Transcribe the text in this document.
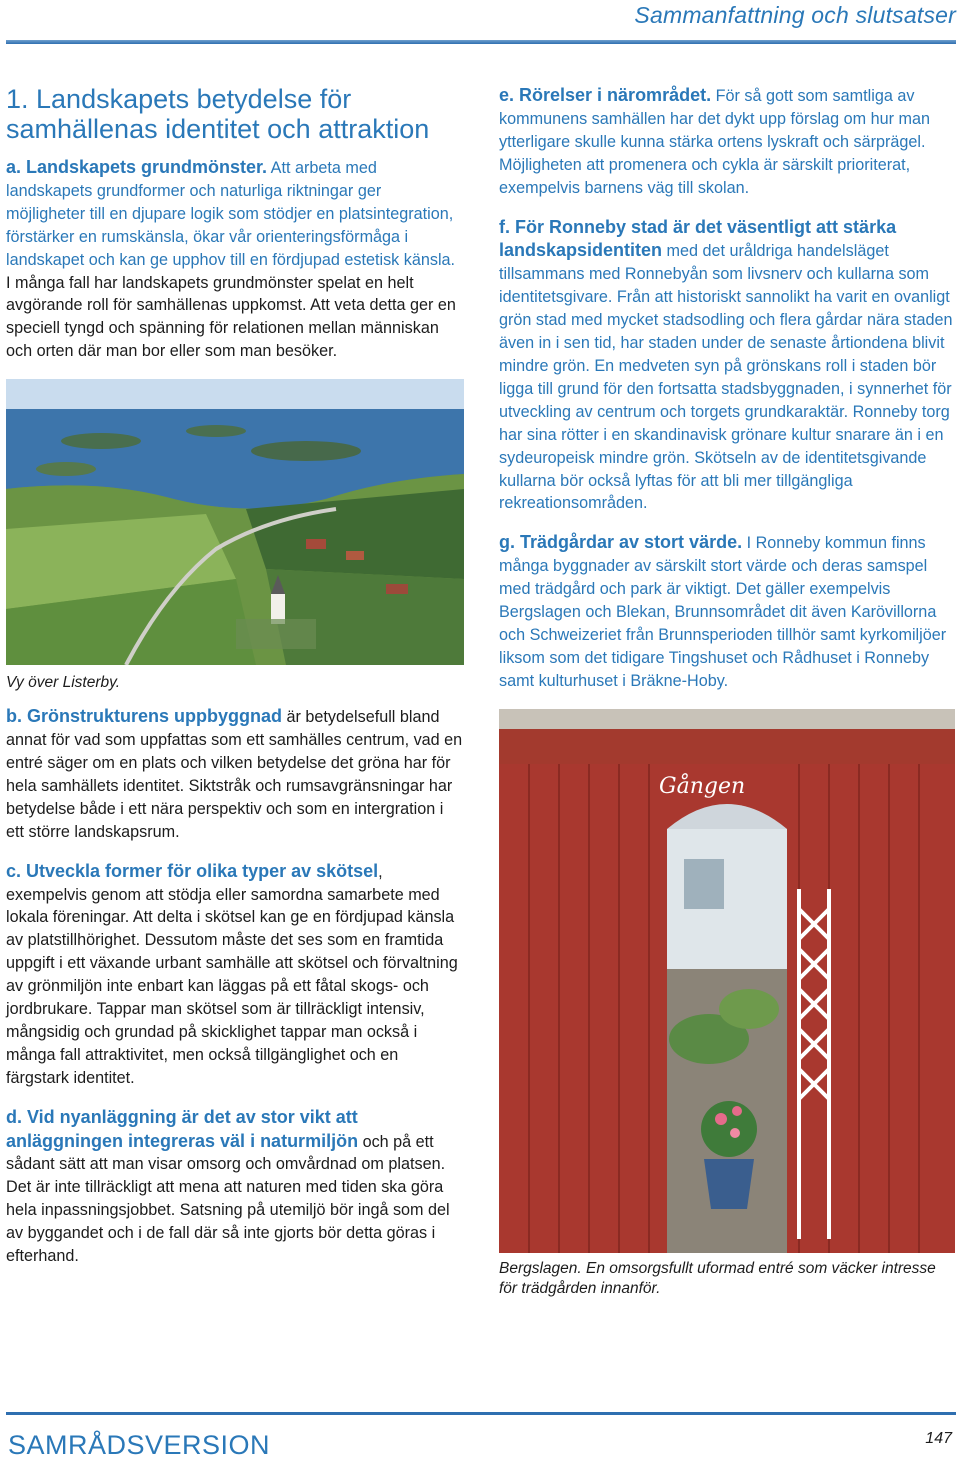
Sammanfattning och slutsatser
1. Landskapets betydelse för samhällenas identitet och attraktion

a. Landskapets grundmönster. Att arbeta med landskapets grundformer och naturliga riktningar ger möjligheter till en djupare logik som stödjer en platsintegration, förstärker en rumskänsla, ökar vår orienteringsförmåga i landskapet och kan ge upphov till en fördjupad estetisk känsla. I många fall har landskapets grundmönster spelat en helt avgörande roll för samhällenas uppkomst. Att veta detta ger en speciell tyngd och spänning för relationen mellan människan och orten där man bor eller som man besöker.

Vy över Listerby.

b. Grönstrukturens uppbyggnad är betydelsefull bland annat för vad som uppfattas som ett samhälles centrum, vad en entré säger om en plats och vilken betydelse det gröna har för hela samhällets identitet. Siktstråk och rumsavgränsningar har betydelse både i ett nära perspektiv och som en intergration i ett större landskapsrum.

c. Utveckla former för olika typer av skötsel, exempelvis genom att stödja eller samordna samarbete med lokala föreningar. Att delta i skötsel kan ge en fördjupad känsla av platstillhörighet. Dessutom måste det ses som en framtida uppgift i ett växande urbant samhälle att skötsel och förvaltning av grönmiljön inte enbart kan läggas på ett fåtal skogs- och jordbrukare. Tappar man skötsel som är tillräckligt intensiv, mångsidig och grundad på skicklighet tappar man också i många fall attraktivitet, men också tillgänglighet och en färgstark identitet.

d. Vid nyanläggning är det av stor vikt att anläggningen integreras väl i naturmiljön och på ett sådant sätt att man visar omsorg och omvårdnad om platsen. Det är inte tillräckligt att mena att naturen med tiden ska göra hela inpassningsjobbet. Satsning på utemiljö bör ingå som del av byggandet och i de fall där så inte gjorts bör detta göras i efterhand.

e. Rörelser i närområdet. För så gott som samtliga av kommunens samhällen har det dykt upp förslag om hur man ytterligare skulle kunna stärka ortens lyskraft och särprägel. Möjligheten att promenera och cykla är särskilt prioriterat, exempelvis barnens väg till skolan.

f. För Ronneby stad är det väsentligt att stärka landskapsidentiten med det uråldriga handelsläget tillsammans med Ronnebyån som livsnerv och kullarna som identitetsgivare. Från att historiskt sannolikt ha varit en ovanligt grön stad med mycket stadsodling och flera gårdar nära staden även in i sen tid, har staden under de senaste årtiondena blivit mindre grön. En medveten syn på grönskans roll i staden bör ligga till grund för den fortsatta stadsbyggnaden, i synnerhet för utveckling av centrum och torgets grundkaraktär. Ronneby torg har sina rötter i en skandinavisk grönare kultur snarare än i en sydeuropeisk mindre grön. Skötseln av de identitetsgivande kullarna bör också lyftas för att bli mer tillgängliga rekreationsområden.

g. Trädgårdar av stort värde. I Ronneby kommun finns många byggnader av särskilt stort värde och deras samspel med trädgård och park är viktigt. Det gäller exempelvis Bergslagen och Blekan, Brunnsområdet dit även Karövillorna och Schweizeriet från Brunnsperioden tillhör samt kyrkomiljöer liksom som det tidigare Tingshuset och Rådhuset i Ronneby samt kulturhuset i Bräkne-Hoby.

Gången
Bergslagen. En omsorgsfullt uformad entré som väcker intresse för trädgården innanför.
SAMRÅDSVERSION	147
